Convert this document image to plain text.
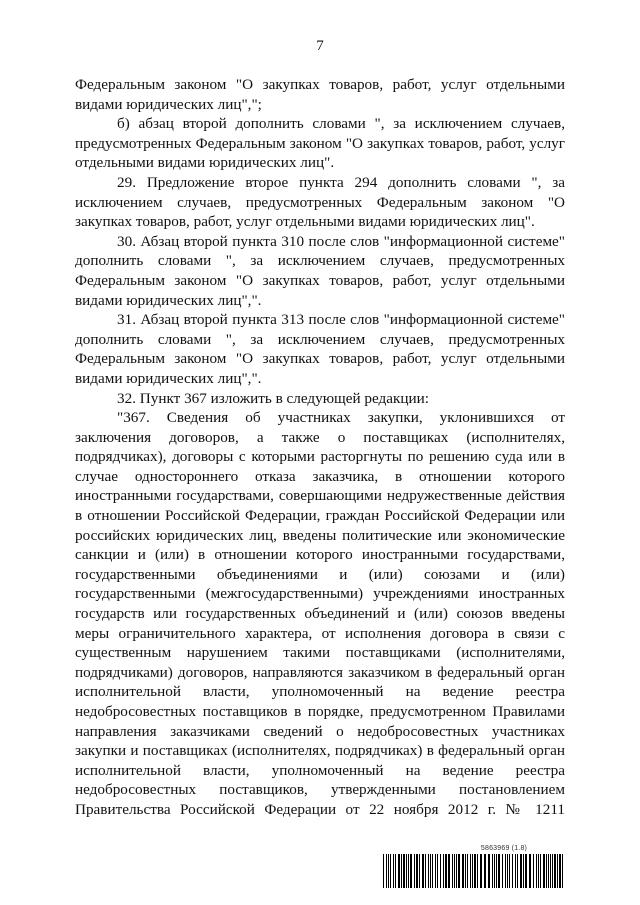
7

Федеральным законом "О закупках товаров, работ, услуг отдельными видами юридических лиц",";

б) абзац второй дополнить словами ", за исключением случаев, предусмотренных Федеральным законом "О закупках товаров, работ, услуг отдельными видами юридических лиц".

29. Предложение второе пункта 294 дополнить словами ", за исключением случаев, предусмотренных Федеральным законом "О закупках товаров, работ, услуг отдельными видами юридических лиц".

30. Абзац второй пункта 310 после слов "информационной системе" дополнить словами ", за исключением случаев, предусмотренных Федеральным законом "О закупках товаров, работ, услуг отдельными видами юридических лиц",".

31. Абзац второй пункта 313 после слов "информационной системе" дополнить словами ", за исключением случаев, предусмотренных Федеральным законом "О закупках товаров, работ, услуг отдельными видами юридических лиц",".

32. Пункт 367 изложить в следующей редакции:

"367. Сведения об участниках закупки, уклонившихся от заключения договоров, а также о поставщиках (исполнителях, подрядчиках), договоры с которыми расторгнуты по решению суда или в случае одностороннего отказа заказчика, в отношении которого иностранными государствами, совершающими недружественные действия в отношении Российской Федерации, граждан Российской Федерации или российских юридических лиц, введены политические или экономические санкции и (или) в отношении которого иностранными государствами, государственными объединениями и (или) союзами и (или) государственными (межгосударственными) учреждениями иностранных государств или государственных объединений и (или) союзов введены меры ограничительного характера, от исполнения договора в связи с существенным нарушением такими поставщиками (исполнителями, подрядчиками) договоров, направляются заказчиком в федеральный орган исполнительной власти, уполномоченный на ведение реестра недобросовестных поставщиков в порядке, предусмотренном Правилами направления заказчиками сведений о недобросовестных участниках закупки и поставщиках (исполнителях, подрядчиках) в федеральный орган исполнительной власти, уполномоченный на ведение реестра недобросовестных поставщиков, утвержденными постановлением Правительства Российской Федерации от 22 ноября 2012 г. № 1211

5863969 (1.8)
